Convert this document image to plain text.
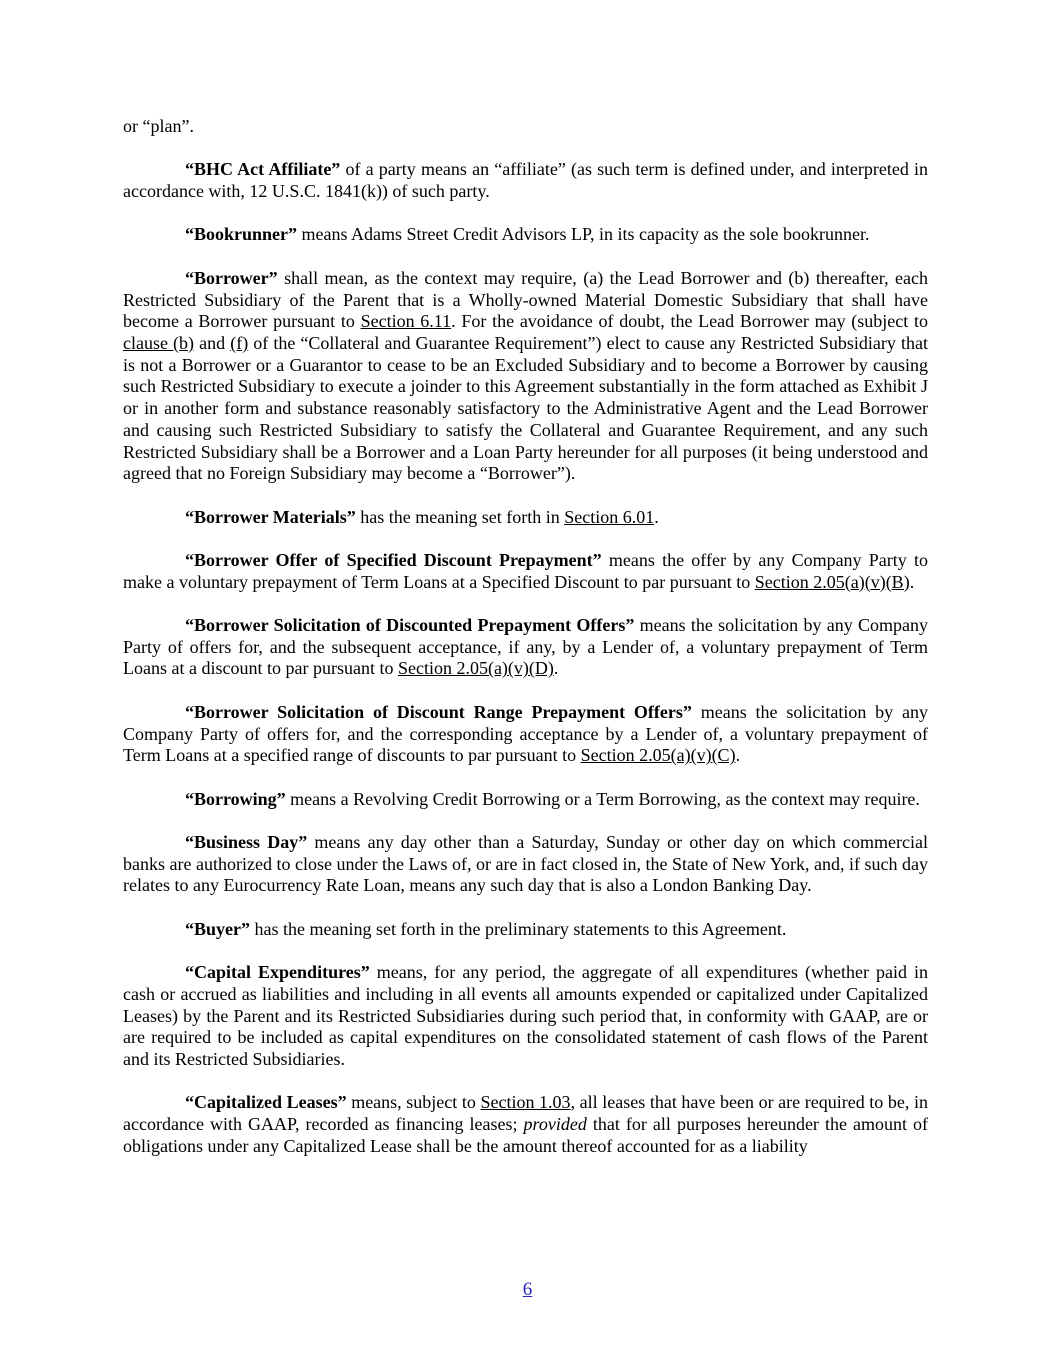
or “plan”.

“BHC Act Affiliate” of a party means an “affiliate” (as such term is defined under, and interpreted in accordance with, 12 U.S.C. 1841(k)) of such party.

“Bookrunner” means Adams Street Credit Advisors LP, in its capacity as the sole bookrunner.

“Borrower” shall mean, as the context may require, (a) the Lead Borrower and (b) thereafter, each Restricted Subsidiary of the Parent that is a Wholly-owned Material Domestic Subsidiary that shall have become a Borrower pursuant to Section 6.11. For the avoidance of doubt, the Lead Borrower may (subject to clause (b) and (f) of the “Collateral and Guarantee Requirement”) elect to cause any Restricted Subsidiary that is not a Borrower or a Guarantor to cease to be an Excluded Subsidiary and to become a Borrower by causing such Restricted Subsidiary to execute a joinder to this Agreement substantially in the form attached as Exhibit J or in another form and substance reasonably satisfactory to the Administrative Agent and the Lead Borrower and causing such Restricted Subsidiary to satisfy the Collateral and Guarantee Requirement, and any such Restricted Subsidiary shall be a Borrower and a Loan Party hereunder for all purposes (it being understood and agreed that no Foreign Subsidiary may become a “Borrower”).

“Borrower Materials” has the meaning set forth in Section 6.01.

“Borrower Offer of Specified Discount Prepayment” means the offer by any Company Party to make a voluntary prepayment of Term Loans at a Specified Discount to par pursuant to Section 2.05(a)(v)(B).

“Borrower Solicitation of Discounted Prepayment Offers” means the solicitation by any Company Party of offers for, and the subsequent acceptance, if any, by a Lender of, a voluntary prepayment of Term Loans at a discount to par pursuant to Section 2.05(a)(v)(D).

“Borrower Solicitation of Discount Range Prepayment Offers” means the solicitation by any Company Party of offers for, and the corresponding acceptance by a Lender of, a voluntary prepayment of Term Loans at a specified range of discounts to par pursuant to Section 2.05(a)(v)(C).

“Borrowing” means a Revolving Credit Borrowing or a Term Borrowing, as the context may require.

“Business Day” means any day other than a Saturday, Sunday or other day on which commercial banks are authorized to close under the Laws of, or are in fact closed in, the State of New York, and, if such day relates to any Eurocurrency Rate Loan, means any such day that is also a London Banking Day.

“Buyer” has the meaning set forth in the preliminary statements to this Agreement.

“Capital Expenditures” means, for any period, the aggregate of all expenditures (whether paid in cash or accrued as liabilities and including in all events all amounts expended or capitalized under Capitalized Leases) by the Parent and its Restricted Subsidiaries during such period that, in conformity with GAAP, are or are required to be included as capital expenditures on the consolidated statement of cash flows of the Parent and its Restricted Subsidiaries.

“Capitalized Leases” means, subject to Section 1.03, all leases that have been or are required to be, in accordance with GAAP, recorded as financing leases; provided that for all purposes hereunder the amount of obligations under any Capitalized Lease shall be the amount thereof accounted for as a liability

6
